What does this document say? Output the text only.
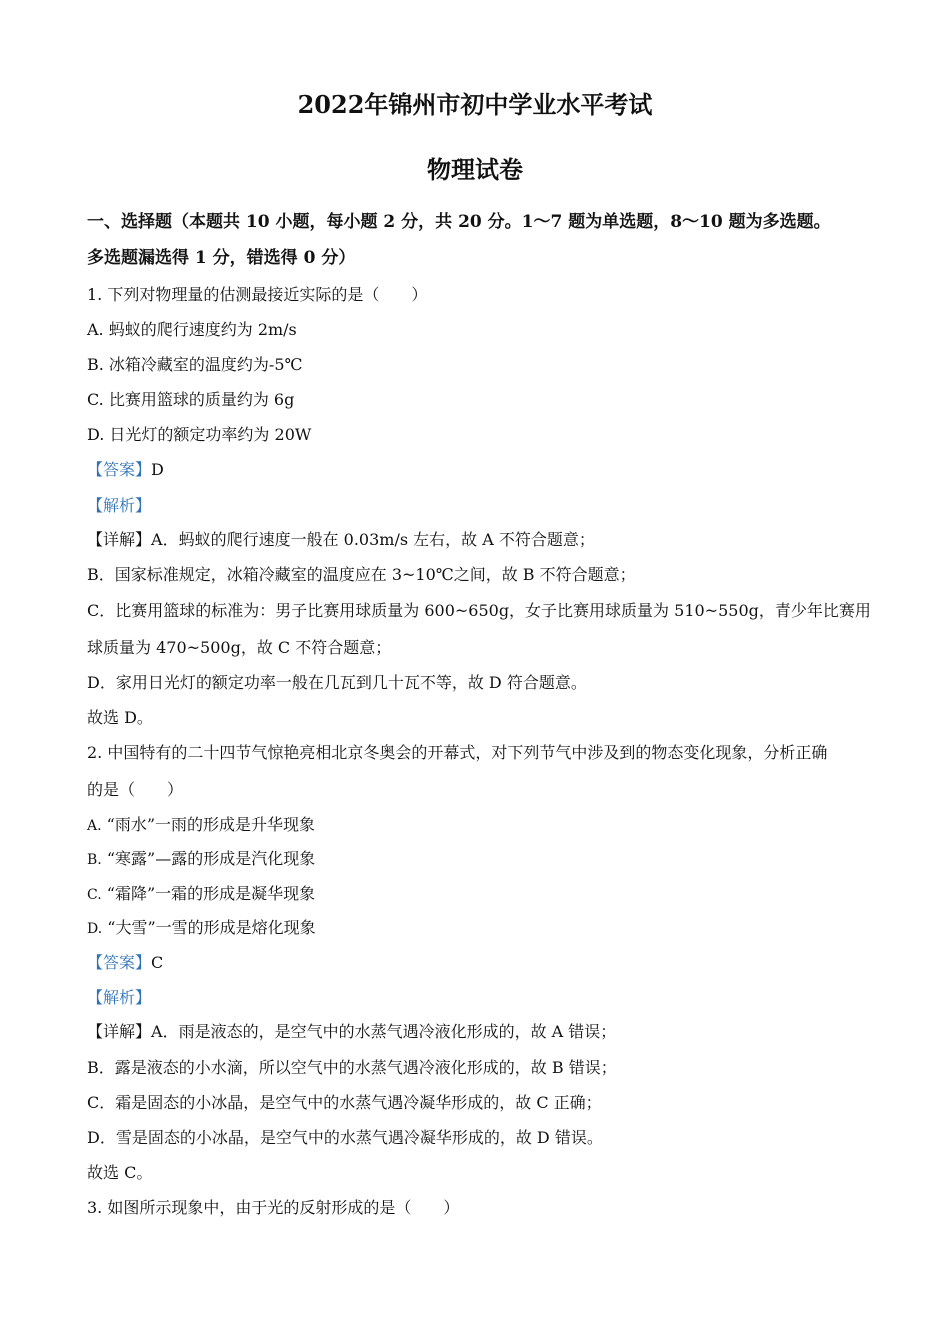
2022年锦州市初中学业水平考试
物理试卷

一、选择题（本题共 10 小题，每小题 2 分，共 20 分。1～7 题为单选题，8～10 题为多选题。

多选题漏选得 1 分，错选得 0 分）

1. 下列对物理量的估测最接近实际的是（　　）

A. 蚂蚁的爬行速度约为 2m/s

B. 冰箱冷藏室的温度约为-5℃

C. 比赛用篮球的质量约为 6g

D. 日光灯的额定功率约为 20W

【答案】D

【解析】

【详解】A．蚂蚁的爬行速度一般在 0.03m/s 左右，故 A 不符合题意；

B．国家标准规定，冰箱冷藏室的温度应在 3~10℃之间，故 B 不符合题意；

C．比赛用篮球的标准为：男子比赛用球质量为 600~650g，女子比赛用球质量为 510~550g，青少年比赛用

球质量为 470~500g，故 C 不符合题意；

D．家用日光灯的额定功率一般在几瓦到几十瓦不等，故 D 符合题意。

故选 D。

2. 中国特有的二十四节气惊艳亮相北京冬奥会的开幕式，对下列节气中涉及到的物态变化现象，分析正确

的是（　　）

A. “雨水”一雨的形成是升华现象

B. “寒露”—露的形成是汽化现象

C. “霜降”一霜的形成是凝华现象

D. “大雪”一雪的形成是熔化现象

【答案】C

【解析】

【详解】A．雨是液态的，是空气中的水蒸气遇冷液化形成的，故 A 错误；

B．露是液态的小水滴，所以空气中的水蒸气遇冷液化形成的，故 B 错误；

C．霜是固态的小冰晶，是空气中的水蒸气遇冷凝华形成的，故 C 正确；

D．雪是固态的小冰晶，是空气中的水蒸气遇冷凝华形成的，故 D 错误。

故选 C。

3. 如图所示现象中，由于光的反射形成的是（　　）
